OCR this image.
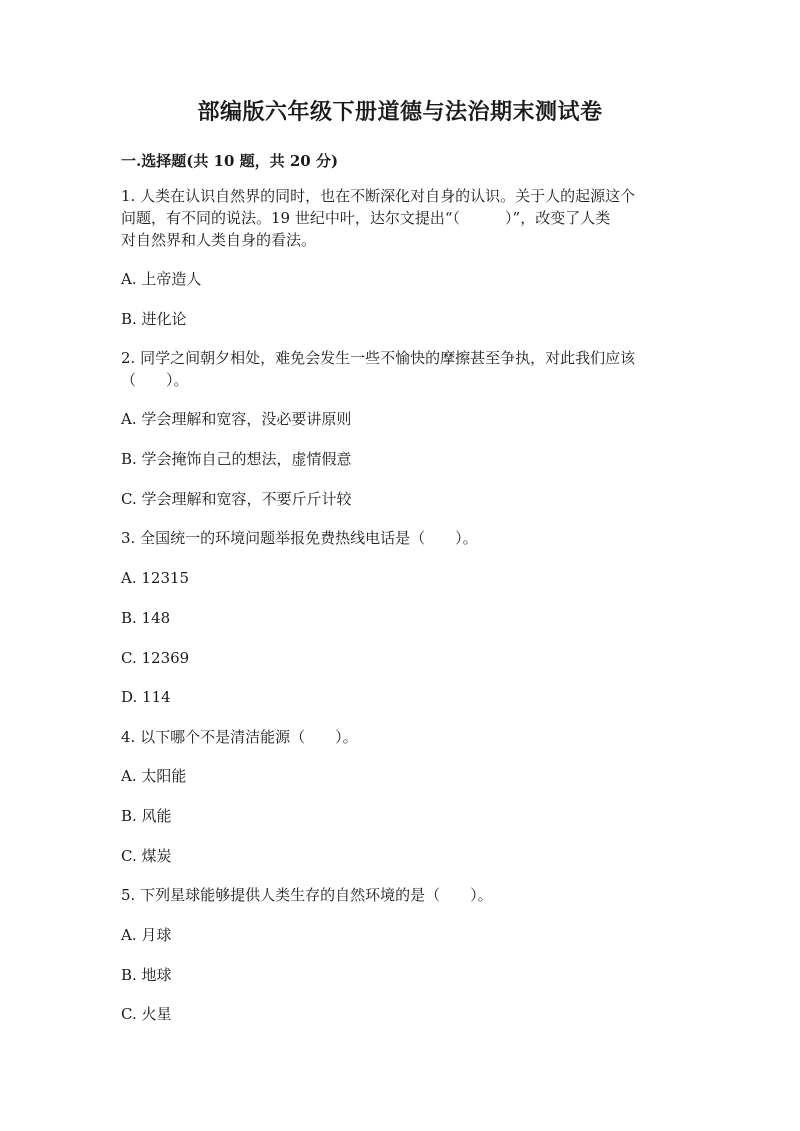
部编版六年级下册道德与法治期末测试卷
一.选择题(共 10 题，共 20 分)
1. 人类在认识自然界的同时，也在不断深化对自身的认识。关于人的起源这个
问题，有不同的说法。19 世纪中叶，达尔文提出“（　　　）”，改变了人类
对自然界和人类自身的看法。
A. 上帝造人
B. 进化论
2. 同学之间朝夕相处，难免会发生一些不愉快的摩擦甚至争执，对此我们应该
（　　）。
A. 学会理解和宽容，没必要讲原则
B. 学会掩饰自己的想法，虚情假意
C. 学会理解和宽容，不要斤斤计较
3. 全国统一的环境问题举报免费热线电话是（　　）。
A. 12315
B. 148
C. 12369
D. 114
4. 以下哪个不是清洁能源（　　）。
A. 太阳能
B. 风能
C. 煤炭
5. 下列星球能够提供人类生存的自然环境的是（　　）。
A. 月球
B. 地球
C. 火星
